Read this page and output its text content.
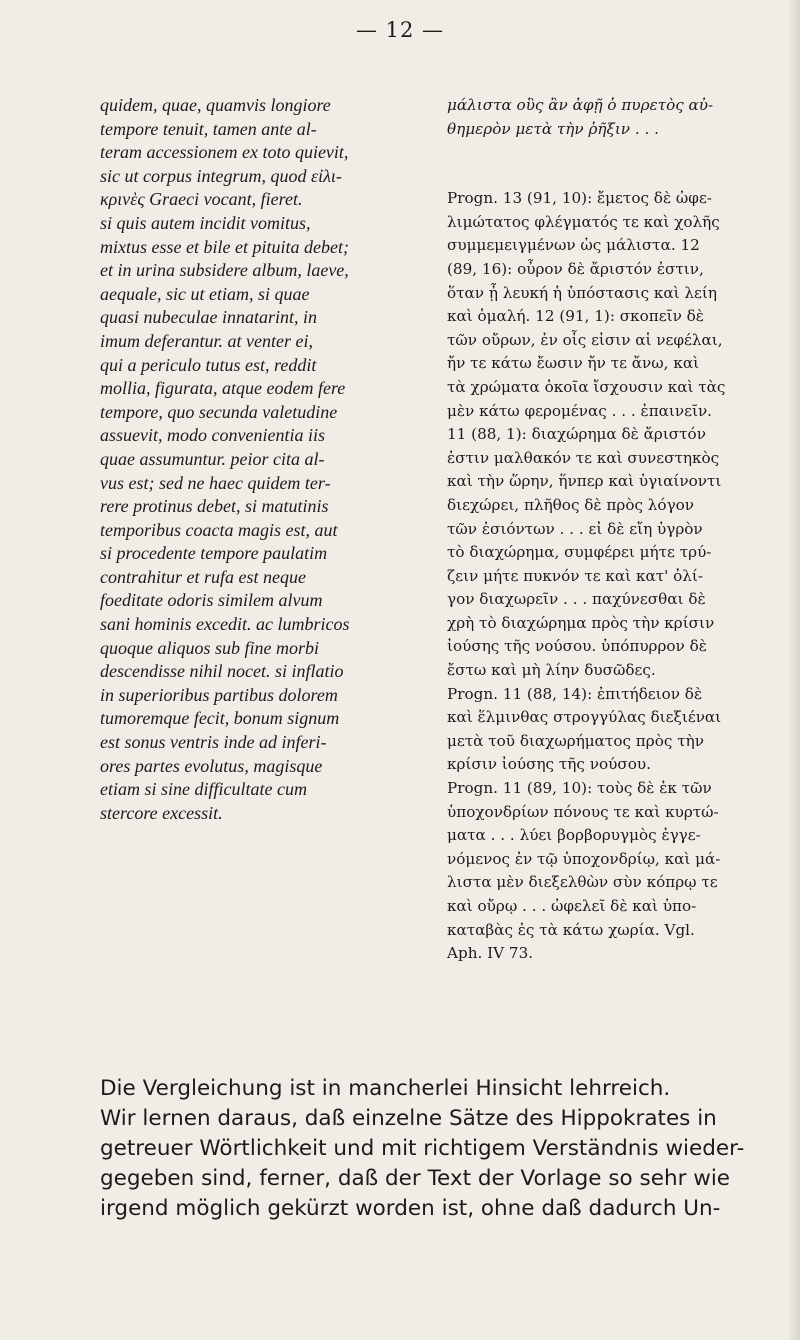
— 12 —
quidem, quae, quamvis longiore
tempore tenuit, tamen ante al-
teram accessionem ex toto quievit,
sic ut corpus integrum, quod εἰλι-
κρινὲς Graeci vocant, fieret.
si quis autem incidit vomitus,
mixtus esse et bile et pituita debet;
et in urina subsidere album, laeve,
aequale, sic ut etiam, si quae
quasi nubeculae innatarint, in
imum deferantur. at venter ei,
qui a periculo tutus est, reddit
mollia, figurata, atque eodem fere
tempore, quo secunda valetudine
assuevit, modo convenientia iis
quae assumuntur. peior cita al-
vus est; sed ne haec quidem ter-
rere protinus debet, si matutinis
temporibus coacta magis est, aut
si procedente tempore paulatim
contrahitur et rufa est neque
foeditate odoris similem alvum
sani hominis excedit. ac lumbricos
quoque aliquos sub fine morbi
descendisse nihil nocet. si inflatio
in superioribus partibus dolorem
tumoremque fecit, bonum signum
est sonus ventris inde ad inferi-
ores partes evolutus, magisque
etiam si sine difficultate cum
stercore excessit.
μάλιστα οὓς ἂν ἀφῇ ὁ πυρετὸς αὐ-
θημερὸν μετὰ τὴν ῥῆξιν . . .
Progn. 13 (91, 10): ἔμετος δὲ ὠφε-
λιμώτατος φλέγματός τε καὶ χολῆς
συμμεμειγμένων ὡς μάλιστα. 12
(89, 16): οὖρον δὲ ἄριστόν ἐστιν,
ὅταν ᾖ λευκή ἡ ὑπόστασις καὶ λείη
καὶ ὁμαλή. 12 (91, 1): σκοπεῖν δὲ
τῶν οὔρων, ἐν οἷς εἰσιν αἱ νεφέλαι,
ἤν τε κάτω ἔωσιν ἤν τε ἄνω, καὶ
τὰ χρώματα ὁκοῖα ἴσχουσιν καὶ τὰς
μὲν κάτω φερομένας . . . ἐπαινεῖν.
11 (88, 1): διαχώρημα δὲ ἄριστόν
ἐστιν μαλθακόν τε καὶ συνεστηκὸς
καὶ τὴν ὥρην, ἥνπερ καὶ ὑγιαίνοντι
διεχώρει, πλῆθος δὲ πρὸς λόγον
τῶν ἐσιόντων . . . εἰ δὲ εἴη ὑγρὸν
τὸ διαχώρημα, συμφέρει μήτε τρύ-
ζειν μήτε πυκνόν τε καὶ κατ' ὀλί-
γον διαχωρεῖν . . . παχύνεσθαι δὲ
χρὴ τὸ διαχώρημα πρὸς τὴν κρίσιν
ἰούσης τῆς νούσου. ὑπόπυρρον δὲ
ἔστω καὶ μὴ λίην δυσῶδες.
Progn. 11 (88, 14): ἐπιτήδειον δὲ
καὶ ἕλμινθας στρογγύλας διεξιέναι
μετὰ τοῦ διαχωρήματος πρὸς τὴν
κρίσιν ἰούσης τῆς νούσου.
Progn. 11 (89, 10): τοὺς δὲ ἐκ τῶν
ὑποχονδρίων πόνους τε καὶ κυρτώ-
ματα . . . λύει βορβορυγμὸς ἐγγε-
νόμενος ἐν τῷ ὑποχονδρίῳ, καὶ μά-
λιστα μὲν διεξελθὼν σὺν κόπρῳ τε
καὶ οὔρῳ . . . ὠφελεῖ δὲ καὶ ὑπο-
καταβὰς ἐς τὰ κάτω χωρία. Vgl.
Aph. IV 73.
Die Vergleichung ist in mancherlei Hinsicht lehrreich.
Wir lernen daraus, daß einzelne Sätze des Hippokrates in
getreuer Wörtlichkeit und mit richtigem Verständnis wieder-
gegeben sind, ferner, daß der Text der Vorlage so sehr wie
irgend möglich gekürzt worden ist, ohne daß dadurch Un-
